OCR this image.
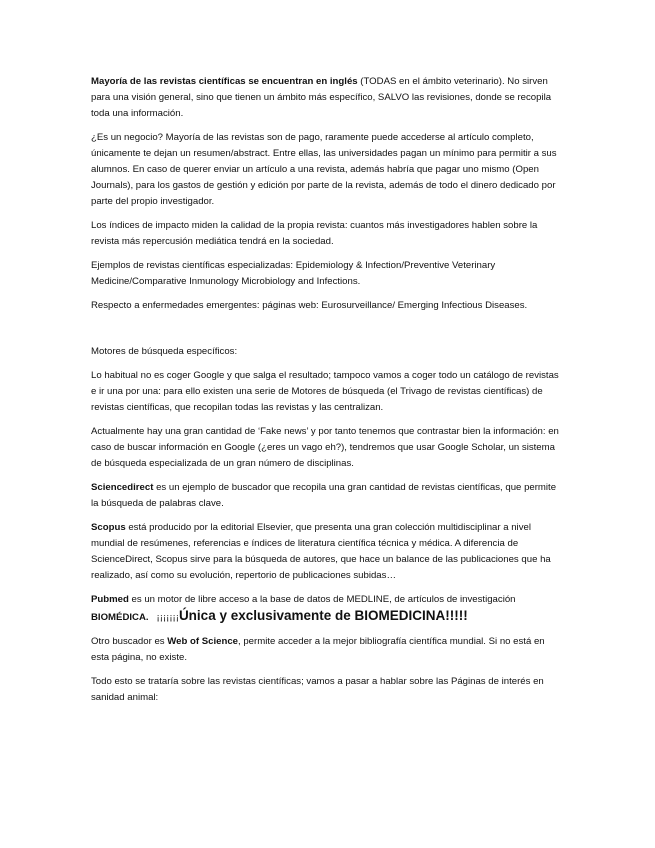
Mayoría de las revistas científicas se encuentran en inglés (TODAS en el ámbito veterinario). No sirven para una visión general, sino que tienen un ámbito más específico, SALVO las revisiones, donde se recopila toda una información.

¿Es un negocio? Mayoría de las revistas son de pago, raramente puede accederse al artículo completo, únicamente te dejan un resumen/abstract. Entre ellas, las universidades pagan un mínimo para permitir a sus alumnos. En caso de querer enviar un artículo a una revista, además habría que pagar uno mismo (Open Journals), para los gastos de gestión y edición por parte de la revista, además de todo el dinero dedicado por parte del propio investigador.

Los índices de impacto miden la calidad de la propia revista: cuantos más investigadores hablen sobre la revista más repercusión mediática tendrá en la sociedad.

Ejemplos de revistas científicas especializadas: Epidemiology & Infection/Preventive Veterinary Medicine/Comparative Inmunology Microbiology and Infections.

Respecto a enfermedades emergentes: páginas web: Eurosurveillance/ Emerging Infectious Diseases.

Motores de búsqueda específicos:

Lo habitual no es coger Google y que salga el resultado; tampoco vamos a coger todo un catálogo de revistas e ir una por una: para ello existen una serie de Motores de búsqueda (el Trivago de revistas científicas) de revistas científicas, que recopilan todas las revistas y las centralizan.

Actualmente hay una gran cantidad de ‘Fake news’ y por tanto tenemos que contrastar bien la información: en caso de buscar información en Google (¿eres un vago eh?), tendremos que usar Google Scholar, un sistema de búsqueda especializada de un gran número de disciplinas.

Sciencedirect es un ejemplo de buscador que recopila una gran cantidad de revistas científicas, que permite la búsqueda de palabras clave.

Scopus está producido por la editorial Elsevier, que presenta una gran colección multidisciplinar a nivel mundial de resúmenes, referencias e índices de literatura científica técnica y médica. A diferencia de ScienceDirect, Scopus sirve para la búsqueda de autores, que hace un balance de las publicaciones que ha realizado, así como su evolución, repertorio de publicaciones subidas…

Pubmed es un motor de libre acceso a la base de datos de MEDLINE, de artículos de investigación BIOMÉDICA.   ¡¡¡¡¡¡¡Única y exclusivamente de BIOMEDICINA!!!!!

Otro buscador es Web of Science, permite acceder a la mejor bibliografía científica mundial. Si no está en esta página, no existe.

Todo esto se trataría sobre las revistas científicas; vamos a pasar a hablar sobre las Páginas de interés en sanidad animal:
